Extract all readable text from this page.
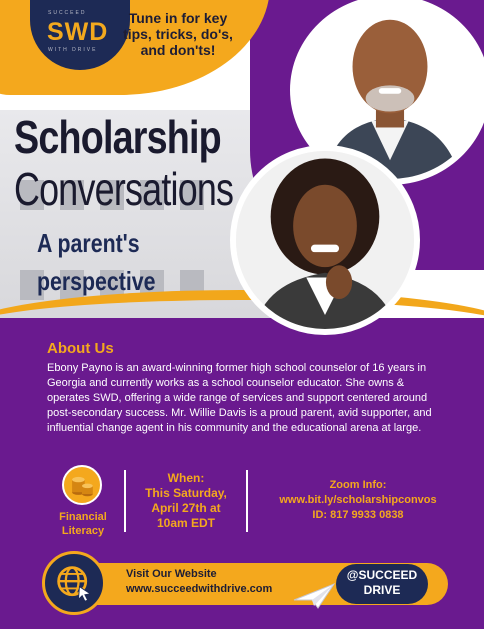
SUCCEED
SWD
WITH DRIVE
Tune in for key tips, tricks, do's, and don'ts!
Scholarship
Conversations
A parent's
perspective
About Us
Ebony Payno is an award-winning former high school counselor of 16 years in Georgia and currently works as a school counselor educator. She owns & operates SWD, offering a wide range of services and support centered around post-secondary success. Mr. Willie Davis is a proud parent, avid supporter, and influential change agent in his community and the educational arena at large.
Financial Literacy
When:
This Saturday,
April 27th at
10am EDT
Zoom Info:
www.bit.ly/scholarshipconvos
ID: 817 9933 0838
Visit Our Website
www.succeedwithdrive.com
@SUCCEED
DRIVE
